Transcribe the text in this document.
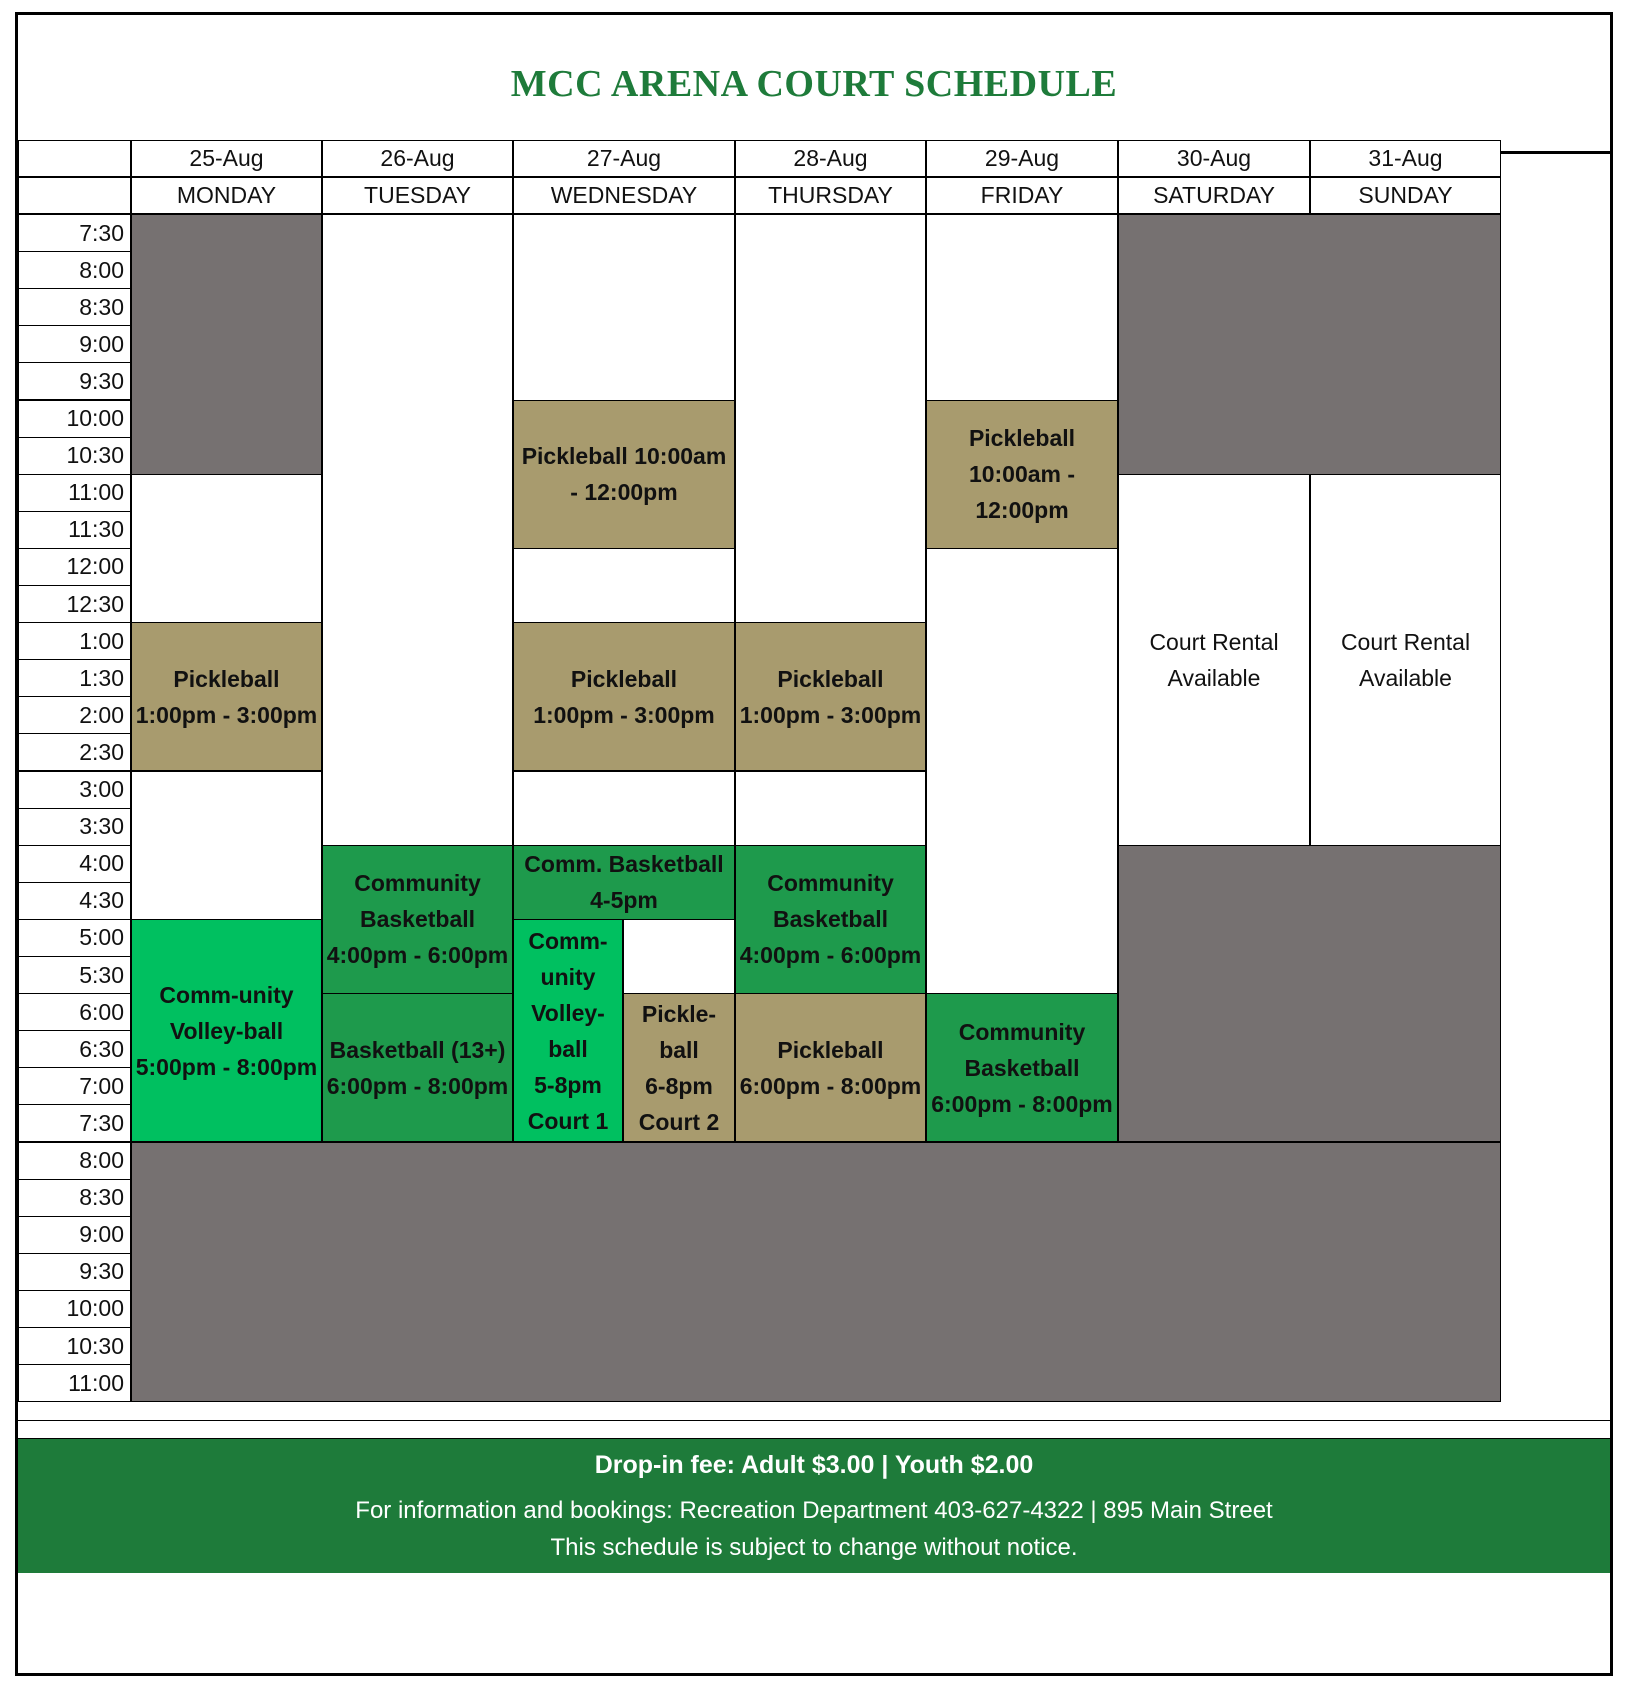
MCC ARENA COURT SCHEDULE
25-Aug
MONDAY
26-Aug
TUESDAY
27-Aug
WEDNESDAY
28-Aug
THURSDAY
29-Aug
FRIDAY
30-Aug
SATURDAY
31-Aug
SUNDAY
7:30
8:00
8:30
9:00
9:30
10:00
10:30
11:00
11:30
12:00
12:30
1:00
1:30
2:00
2:30
3:00
3:30
4:00
4:30
5:00
5:30
6:00
6:30
7:00
7:30
8:00
8:30
9:00
9:30
10:00
10:30
11:00
Pickleball
1:00pm - 3:00pm
Comm-unity
Volley-ball
5:00pm - 8:00pm
Community
Basketball
4:00pm - 6:00pm
Basketball (13+)
6:00pm - 8:00pm
Pickleball 10:00am
- 12:00pm
Pickleball
1:00pm - 3:00pm
Comm. Basketball
4-5pm
Comm-
unity
Volley-
ball
5-8pm
Court 1
Pickle-
ball
6-8pm
Court 2
Pickleball
1:00pm - 3:00pm
Community
Basketball
4:00pm - 6:00pm
Pickleball
6:00pm - 8:00pm
Pickleball
10:00am -
12:00pm
Community
Basketball
6:00pm - 8:00pm
Court Rental
Available
Court Rental
Available
Drop-in fee: Adult $3.00 | Youth $2.00
For information and bookings: Recreation Department 403-627-4322 | 895 Main Street
This schedule is subject to change without notice.
